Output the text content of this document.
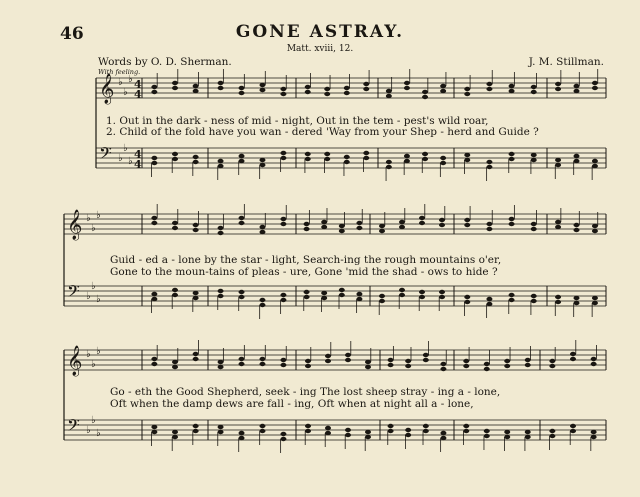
46	GONE ASTRAY.
Matt. xviii, 12.
Words by O. D. Sherman.	J. M. Stillman.
With feeling.
𝄞 ♭
♭
♭ 4
4
𝄢 ♭
♭
♭
4
4
𝄞 ♭
♭
♭
𝄢 ♭
♭
♭
𝄞 ♭
♭
♭
𝄢 ♭
♭
♭
1. Out in the dark - ness of mid - night, Out in the tem - pest's wild roar,
2. Child of the fold have you wan - dered 'Way from your Shep - herd and Guide ?
Guid - ed a - lone by the star - light, Search-ing the rough mountains o'er,
Gone to the moun-tains of pleas - ure, Gone 'mid the shad - ows to hide ?
Go - eth the Good Shepherd, seek - ing The lost sheep stray - ing a - lone,
Oft when the damp dews are fall - ing, Oft when at night all a - lone,
